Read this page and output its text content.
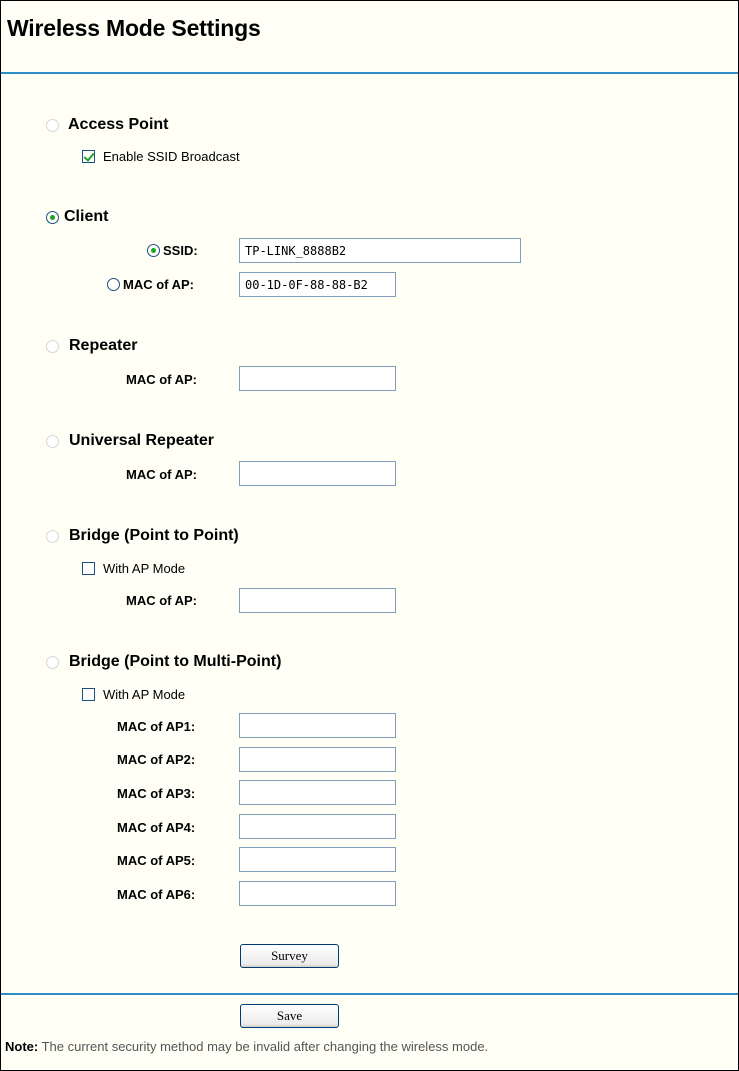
Wireless Mode Settings
Access Point
Enable SSID Broadcast
Client
SSID:
TP-LINK_8888B2
MAC of AP:
00-1D-0F-88-88-B2
Repeater
MAC of AP:
Universal Repeater
MAC of AP:
Bridge (Point to Point)
With AP Mode
MAC of AP:
Bridge (Point to Multi-Point)
With AP Mode
MAC of AP1:
MAC of AP2:
MAC of AP3:
MAC of AP4:
MAC of AP5:
MAC of AP6:
Survey
Save
Note: The current security method may be invalid after changing the wireless mode.
